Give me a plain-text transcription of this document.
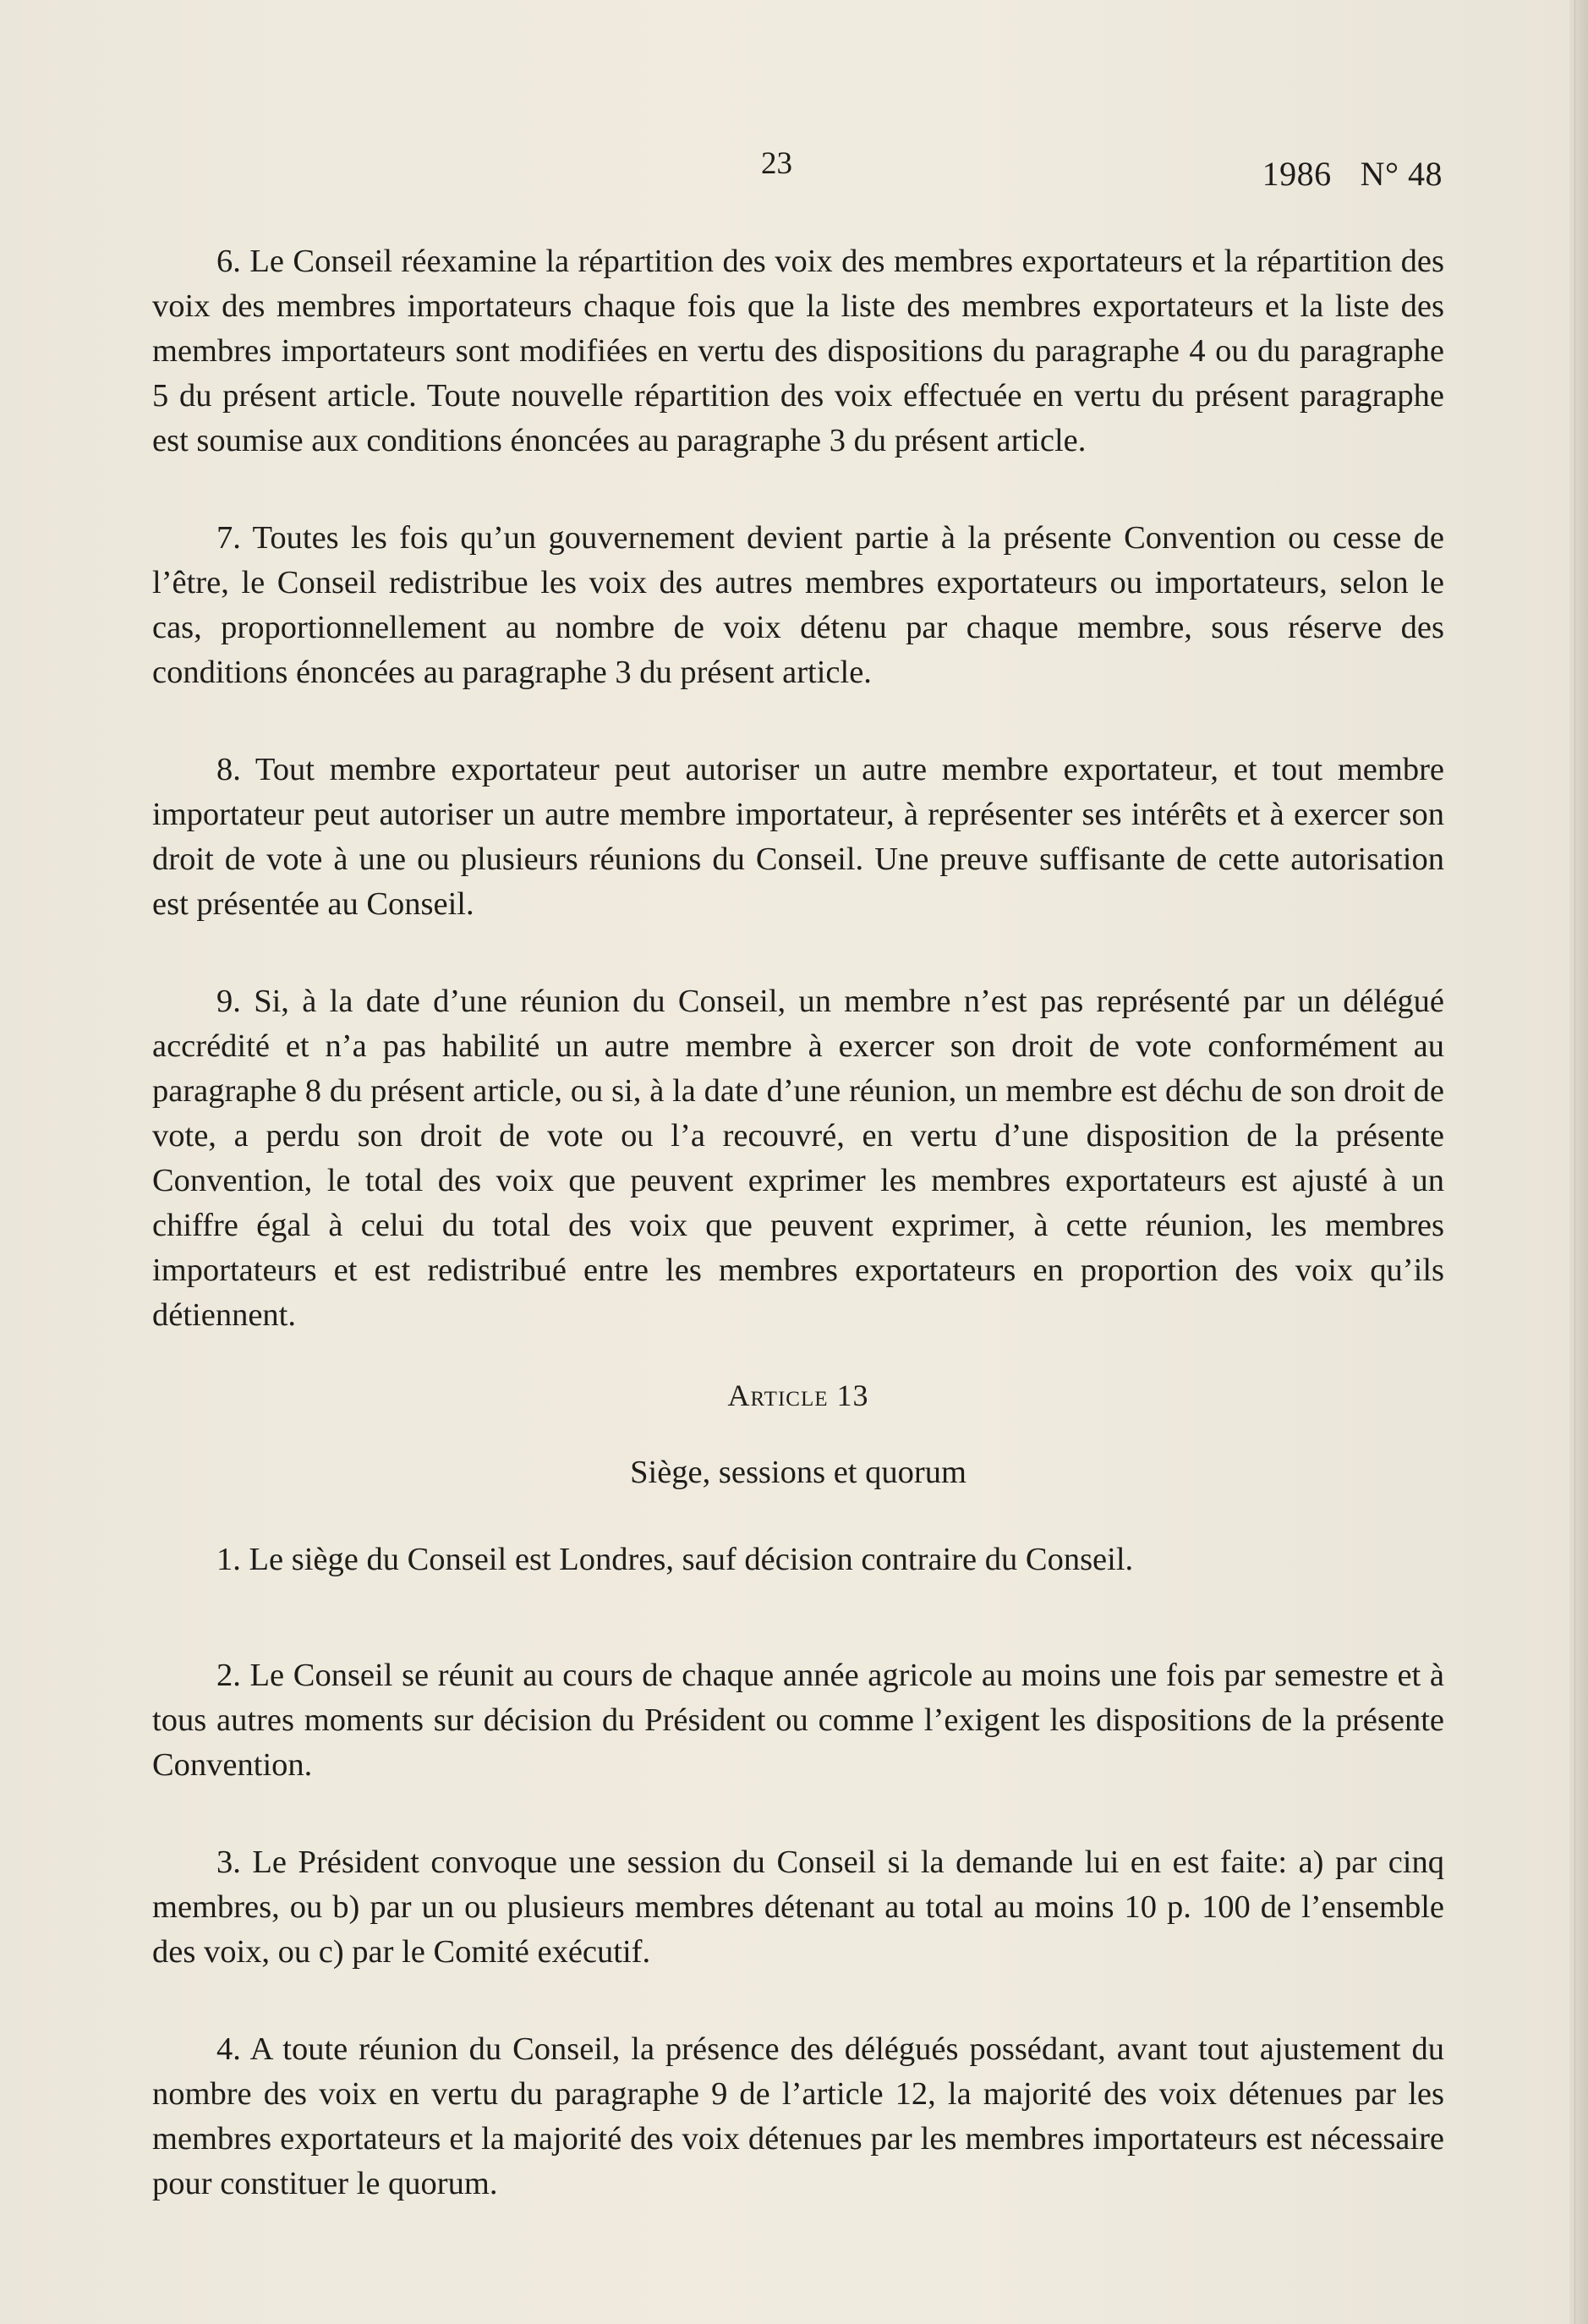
23	1986 N° 48

6. Le Conseil réexamine la répartition des voix des membres exportateurs et la répartition des voix des membres importateurs chaque fois que la liste des membres exportateurs et la liste des membres importateurs sont modifiées en vertu des dispositions du paragraphe 4 ou du paragraphe 5 du présent article. Toute nouvelle répartition des voix effectuée en vertu du présent paragraphe est soumise aux conditions énoncées au paragraphe 3 du présent article.

7. Toutes les fois qu’un gouvernement devient partie à la présente Convention ou cesse de l’être, le Conseil redistribue les voix des autres membres exportateurs ou importateurs, selon le cas, proportionnellement au nombre de voix détenu par chaque membre, sous réserve des conditions énoncées au paragraphe 3 du présent article.

8. Tout membre exportateur peut autoriser un autre membre exportateur, et tout membre importateur peut autoriser un autre membre importateur, à représenter ses intérêts et à exercer son droit de vote à une ou plusieurs réunions du Conseil. Une preuve suffisante de cette autorisation est présentée au Conseil.

9. Si, à la date d’une réunion du Conseil, un membre n’est pas représenté par un délégué accrédité et n’a pas habilité un autre membre à exercer son droit de vote conformément au paragraphe 8 du présent article, ou si, à la date d’une réunion, un membre est déchu de son droit de vote, a perdu son droit de vote ou l’a recouvré, en vertu d’une disposition de la présente Convention, le total des voix que peuvent exprimer les membres exportateurs est ajusté à un chiffre égal à celui du total des voix que peuvent exprimer, à cette réunion, les membres importateurs et est redistribué entre les membres exportateurs en proportion des voix qu’ils détiennent.

Article 13
Siège, sessions et quorum

1. Le siège du Conseil est Londres, sauf décision contraire du Conseil.

2. Le Conseil se réunit au cours de chaque année agricole au moins une fois par semestre et à tous autres moments sur décision du Président ou comme l’exigent les dispositions de la présente Convention.

3. Le Président convoque une session du Conseil si la demande lui en est faite: a) par cinq membres, ou b) par un ou plusieurs membres détenant au total au moins 10 p. 100 de l’ensemble des voix, ou c) par le Comité exécutif.

4. A toute réunion du Conseil, la présence des délégués possédant, avant tout ajustement du nombre des voix en vertu du paragraphe 9 de l’article 12, la majorité des voix détenues par les membres exportateurs et la majorité des voix détenues par les membres importateurs est nécessaire pour constituer le quorum.
